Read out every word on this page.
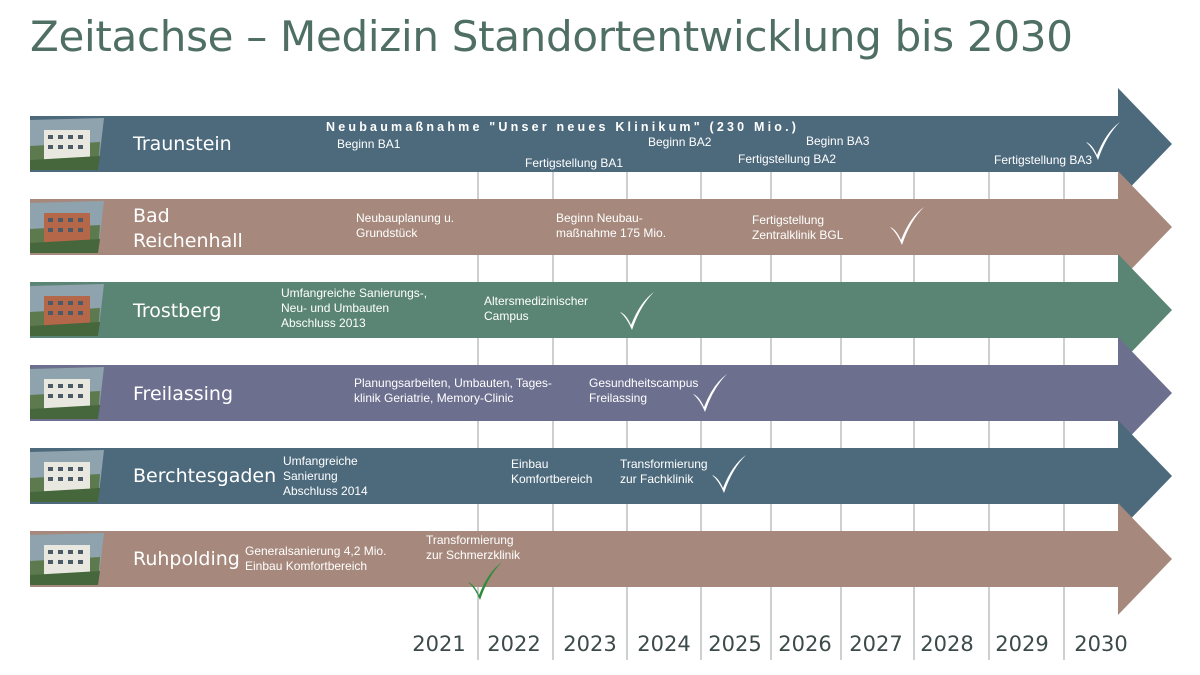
Zeitachse – Medizin Standortentwicklung bis 2030
Traunstein
Neubaumaßnahme "Unser neues Klinikum" (230 Mio.)
Beginn BA1
Fertigstellung BA1
Beginn BA2
Fertigstellung BA2
Beginn BA3
Fertigstellung BA3
Bad
Reichenhall
Neubauplanung u. Grundstück
Beginn Neubau-maßnahme 175 Mio.
Fertigstellung Zentralklinik BGL
Trostberg
Umfangreiche Sanierungs-, Neu- und Umbauten Abschluss 2013
Altersmedizinischer Campus
Freilassing	Planungsarbeiten, Umbauten, Tages-klinik Geriatrie, Memory-Clinic
Gesundheitscampus Freilassing
Berchtesgaden
Umfangreiche Sanierung Abschluss 2014
Einbau Komfortbereich
Transformierung zur Fachklinik
Ruhpolding Generalsanierung 4,2 Mio. Einbau Komfortbereich
Transformierung zur Schmerzklinik
2021 2022 2023 2024 2025 2026 2027 2028 2029 2030
